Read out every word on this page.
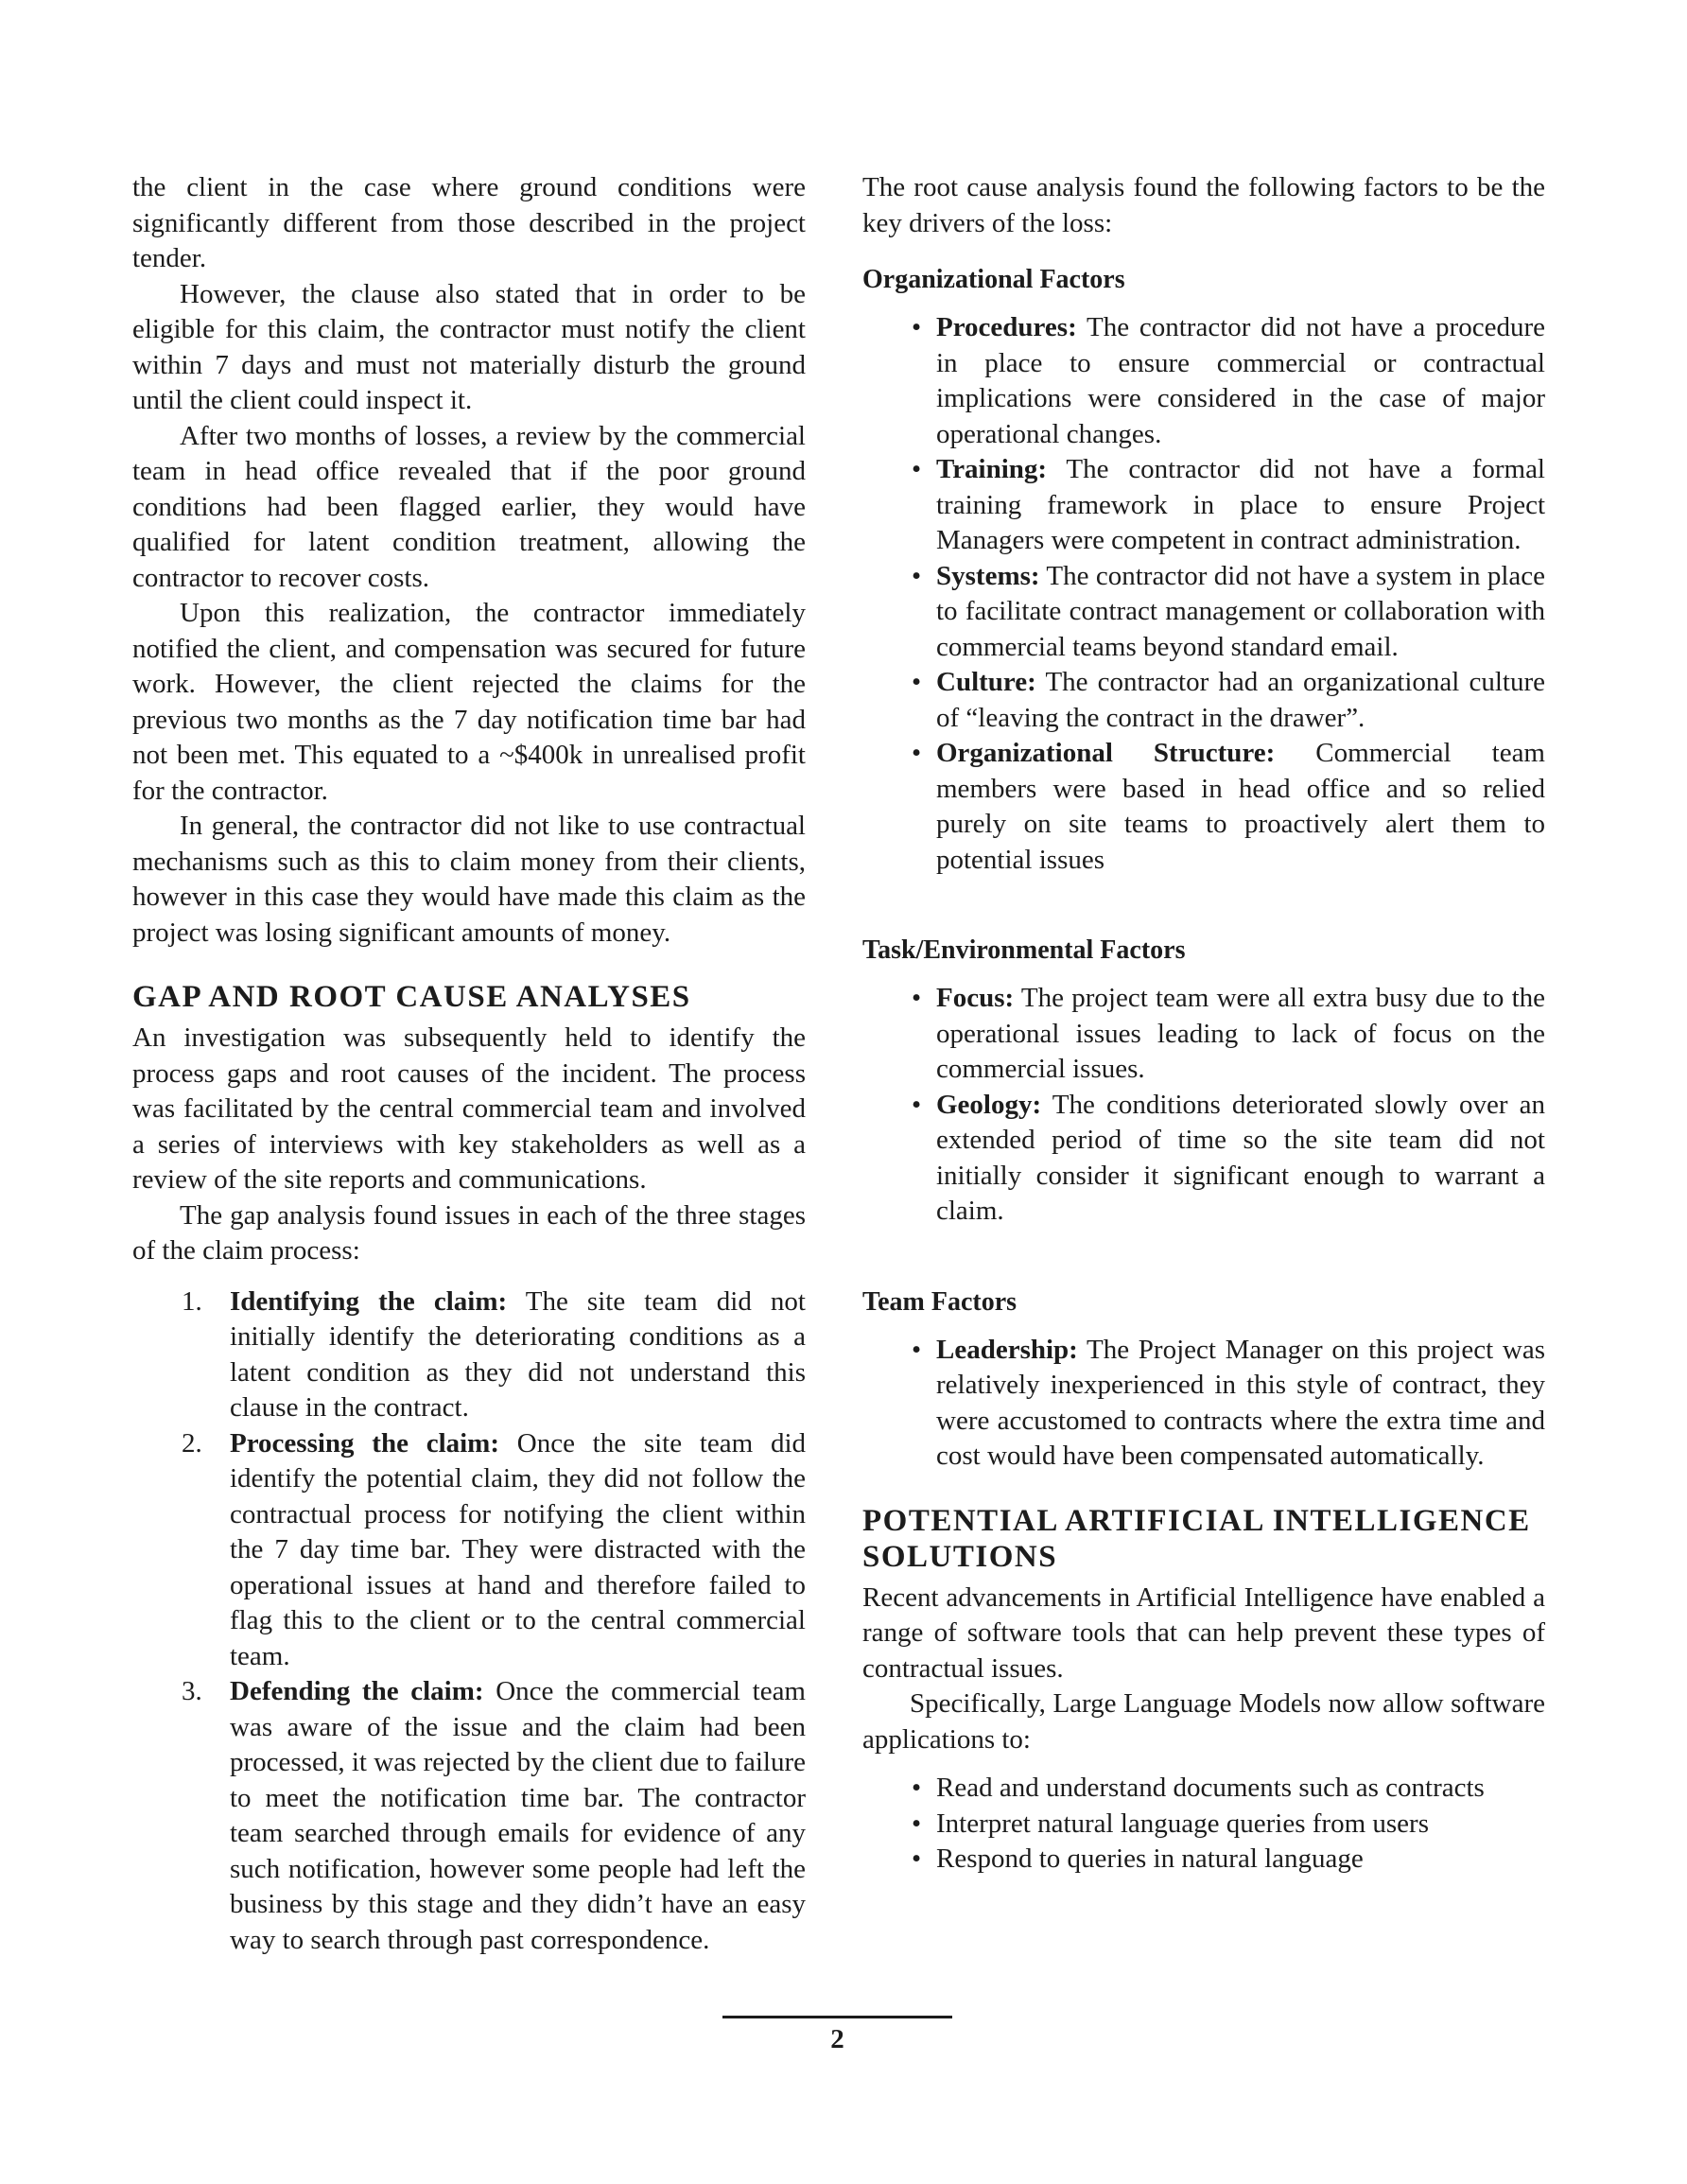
the client in the case where ground conditions were significantly different from those described in the project tender.

However, the clause also stated that in order to be eligible for this claim, the contractor must notify the client within 7 days and must not materially disturb the ground until the client could inspect it.

After two months of losses, a review by the commercial team in head office revealed that if the poor ground conditions had been flagged earlier, they would have qualified for latent condition treatment, allowing the contractor to recover costs.

Upon this realization, the contractor immediately notified the client, and compensation was secured for future work. However, the client rejected the claims for the previous two months as the 7 day notification time bar had not been met. This equated to a ~$400k in unrealised profit for the contractor.

In general, the contractor did not like to use contractual mechanisms such as this to claim money from their clients, however in this case they would have made this claim as the project was losing significant amounts of money.

GAP AND ROOT CAUSE ANALYSES

An investigation was subsequently held to identify the process gaps and root causes of the incident. The process was facilitated by the central commercial team and involved a series of interviews with key stakeholders as well as a review of the site reports and communications.

The gap analysis found issues in each of the three stages of the claim process:

1.	Identifying the claim: The site team did not initially identify the deteriorating conditions as a latent condition as they did not understand this clause in the contract.
2.	Processing the claim: Once the site team did identify the potential claim, they did not follow the contractual process for notifying the client within the 7 day time bar. They were distracted with the operational issues at hand and therefore failed to flag this to the client or to the central commercial team.
3.	Defending the claim: Once the commercial team was aware of the issue and the claim had been processed, it was rejected by the client due to failure to meet the notification time bar. The contractor team searched through emails for evidence of any such notification, however some people had left the business by this stage and they didn’t have an easy way to search through past correspondence.

The root cause analysis found the following factors to be the key drivers of the loss:

Organizational Factors
• Procedures: The contractor did not have a procedure in place to ensure commercial or contractual implications were considered in the case of major operational changes.
• Training: The contractor did not have a formal training framework in place to ensure Project Managers were competent in contract administration.
• Systems: The contractor did not have a system in place to facilitate contract management or collaboration with commercial teams beyond standard email.
• Culture: The contractor had an organizational culture of “leaving the contract in the drawer”.
• Organizational Structure: Commercial team members were based in head office and so relied purely on site teams to proactively alert them to potential issues
Task/Environmental Factors
• Focus: The project team were all extra busy due to the operational issues leading to lack of focus on the commercial issues.
• Geology: The conditions deteriorated slowly over an extended period of time so the site team did not initially consider it significant enough to warrant a claim.
Team Factors
• Leadership: The Project Manager on this project was relatively inexperienced in this style of contract, they were accustomed to contracts where the extra time and cost would have been compensated automatically.
POTENTIAL ARTIFICIAL INTELLIGENCE SOLUTIONS

Recent advancements in Artificial Intelligence have enabled a range of software tools that can help prevent these types of contractual issues.

Specifically, Large Language Models now allow software applications to:

• Read and understand documents such as contracts
• Interpret natural language queries from users
• Respond to queries in natural language
2
